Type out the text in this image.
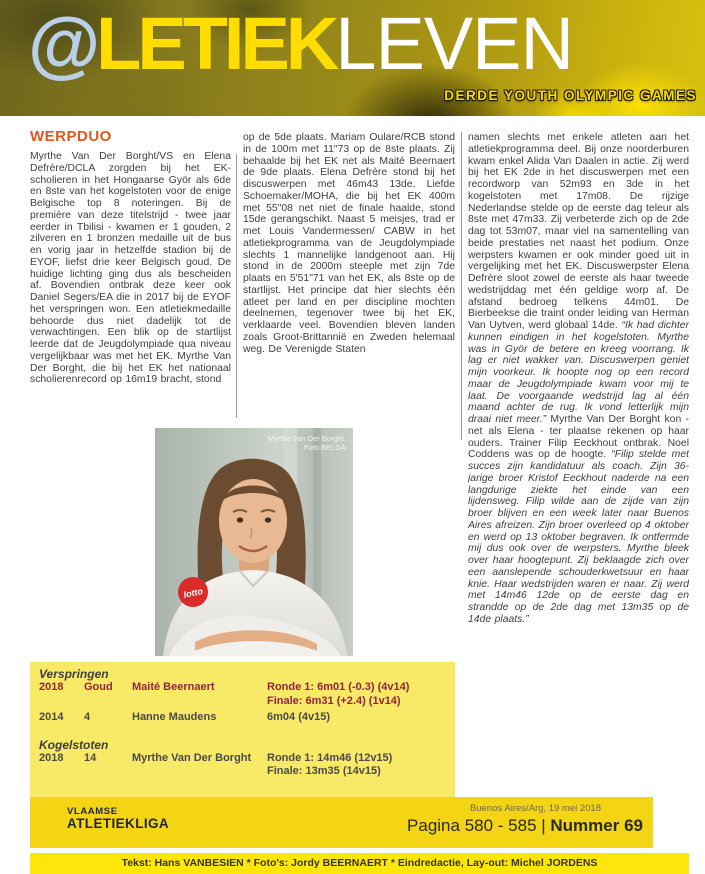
@LETIEKLEVEN
DERDE YOUTH OLYMPIC GAMES
WERPDUO
Myrthe Van Der Borght/VS en Elena Defrère/DCLA zorgden bij het EK-scholieren in het Hongaarse Györ als 6de en 8ste van het kogelstoten voor de enige Belgische top 8 noteringen. Bij de première van deze titelstrijd - twee jaar eerder in Tbilisi - kwamen er 1 gouden, 2 zilveren en 1 bronzen medaille uit de bus en vorig jaar in hetzelfde stadion bij de EYOF, liefst drie keer Belgisch goud. De huidige lichting ging dus als bescheiden af. Bovendien ontbrak deze keer ook Daniel Segers/EA die in 2017 bij de EYOF het verspringen won. Een atletiekmedaille behoorde dus niet dadelijk tot de verwachtingen. Een blik op de startlijst leerde dat de Jeugdolympiade qua niveau vergelijkbaar was met het EK. Myrthe Van Der Borght, die bij het EK het nationaal scholierenrecord op 16m19 bracht, stond
op de 5de plaats. Mariam Oulare/RCB stond in de 100m met 11"73 op de 8ste plaats. Zij behaalde bij het EK net als Maité Beernaert de 9de plaats. Elena Defrère stond bij het discuswerpen met 46m43 13de. Liefde Schoemaker/MOHA, die bij het EK 400m met 55"08 net niet de finale haalde, stond 15de gerangschikt. Naast 5 meisjes, trad er met Louis Vandermessen/ CABW in het atletiekprogramma van de Jeugdolympiade slechts 1 mannelijke landgenoot aan. Hij stond in de 2000m steeple met zijn 7de plaats en 5'51"71 van het EK, als 8ste op de startlijst. Het principe dat hier slechts één atleet per land en per discipline mochten deelnemen, tegenover twee bij het EK, verklaarde veel. Bovendien bleven landen zoals Groot-Brittannië en Zweden helemaal weg. De Verenigde Staten
namen slechts met enkele atleten aan het atletiekprogramma deel. Bij onze noorderburen kwam enkel Alida Van Daalen in actie. Zij werd bij het EK 2de in het discuswerpen met een recordworp van 52m93 en 3de in het kogelstoten met 17m08. De rijzige Nederlandse stelde op de eerste dag teleur als 8ste met 47m33. Zij verbeterde zich op de 2de dag tot 53m07, maar viel na samentelling van beide prestaties net naast het podium. Onze werpsters kwamen er ook minder goed uit in vergelijking met het EK. Discuswerpster Elena Defrère sloot zowel de eerste als haar tweede wedstrijddag met één geldige worp af. De afstand bedroeg telkens 44m01. De Bierbeekse die traint onder leiding van Herman Van Uytven, werd globaal 14de. “Ik had dichter kunnen eindigen in het kogelstoten. Myrthe was in Györ de betere en kreeg voorrang. Ik lag er niet wakker van. Discuswerpen geniet mijn voorkeur. Ik hoopte nog op een record maar de Jeugdolympiade kwam voor mij te laat. De voorgaande wedstrijd lag al één maand achter de rug. Ik vond letterlijk mijn draai niet meer.” Myrthe Van Der Borght kon - net als Elena - ter plaatse rekenen op haar ouders. Trainer Filip Eeckhout ontbrak. Noel Coddens was op de hoogte. “Filip stelde met succes zijn kandidatuur als coach. Zijn 36-jarige broer Kristof Eeckhout naderde na een langdurige ziekte het einde van een lijdensweg. Filip wilde aan de zijde van zijn broer blijven en een week later naar Buenos Aires afreizen. Zijn broer overleed op 4 oktober en werd op 13 oktober begraven. Ik ontfermde mij dus ook over de werpsters. Myrthe bleek over haar hoogtepunt. Zij beklaagde zich over een aanslepende schouderkwetsuur en haar knie. Haar wedstrijden waren er naar. Zij werd met 14m46 12de op de eerste dag en strandde op de 2de dag met 13m35 op de 14de plaats.”
lotto
Myrthe Van Der Borght.
Foto:BELGA
Verspringen
2018	Goud	Maité Beernaert	Ronde 1: 6m01 (-0.3) (4v14)
Finale: 6m31 (+2.4) (1v14)
2014	4	Hanne Maudens	6m04 (4v15)
Kogelstoten
2018	14	Myrthe Van Der Borght	Ronde 1: 14m46 (12v15)
Finale: 13m35 (14v15)
VLAAMSE
ATLETIEKLIGA
Buenos Aires/Arg, 19 mei 2018
Pagina 580 - 585 | Nummer 69
Tekst: Hans VANBESIEN * Foto's: Jordy BEERNAERT * Eindredactie, Lay-out: Michel JORDENS
